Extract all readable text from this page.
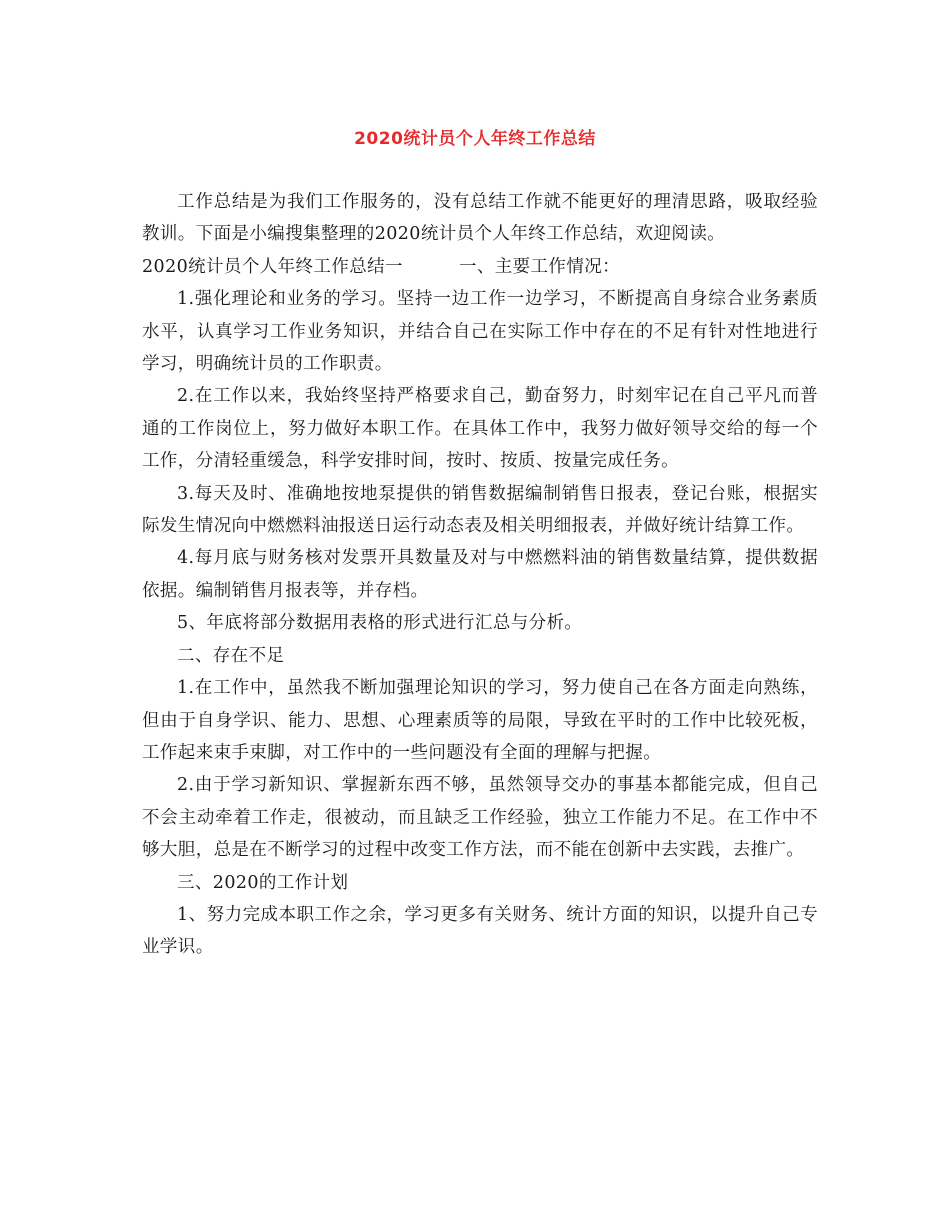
2020统计员个人年终工作总结

工作总结是为我们工作服务的，没有总结工作就不能更好的理清思路，吸取经验教训。下面是小编搜集整理的2020统计员个人年终工作总结，欢迎阅读。

2020统计员个人年终工作总结一	一、主要工作情况：

1.强化理论和业务的学习。坚持一边工作一边学习，不断提高自身综合业务素质水平，认真学习工作业务知识，并结合自己在实际工作中存在的不足有针对性地进行学习，明确统计员的工作职责。

2.在工作以来，我始终坚持严格要求自己，勤奋努力，时刻牢记在自己平凡而普通的工作岗位上，努力做好本职工作。在具体工作中，我努力做好领导交给的每一个工作，分清轻重缓急，科学安排时间，按时、按质、按量完成任务。

3.每天及时、准确地按地泵提供的销售数据编制销售日报表，登记台账，根据实际发生情况向中燃燃料油报送日运行动态表及相关明细报表，并做好统计结算工作。

4.每月底与财务核对发票开具数量及对与中燃燃料油的销售数量结算，提供数据依据。编制销售月报表等，并存档。

5、年底将部分数据用表格的形式进行汇总与分析。

二、存在不足

1.在工作中，虽然我不断加强理论知识的学习，努力使自己在各方面走向熟练，但由于自身学识、能力、思想、心理素质等的局限，导致在平时的工作中比较死板，工作起来束手束脚，对工作中的一些问题没有全面的理解与把握。

2.由于学习新知识、掌握新东西不够，虽然领导交办的事基本都能完成，但自己不会主动牵着工作走，很被动，而且缺乏工作经验，独立工作能力不足。在工作中不够大胆，总是在不断学习的过程中改变工作方法，而不能在创新中去实践，去推广。

三、2020的工作计划

1、努力完成本职工作之余，学习更多有关财务、统计方面的知识，以提升自己专业学识。
